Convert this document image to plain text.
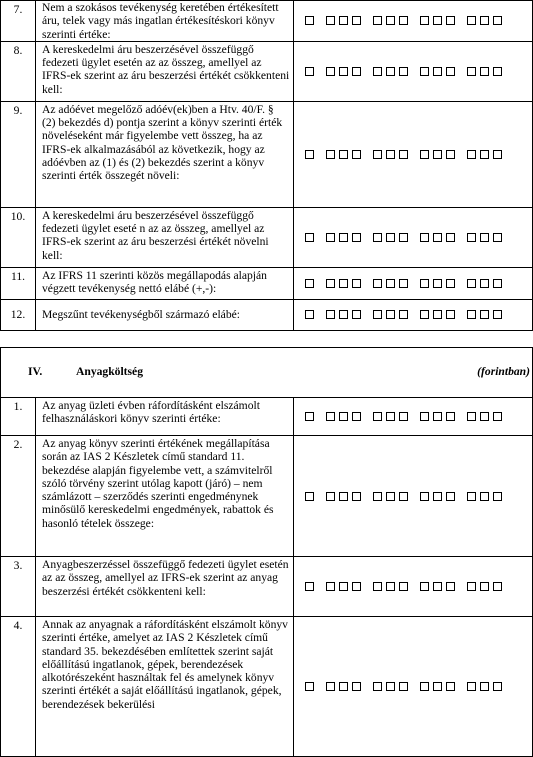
7.	Nem a szokásos tevékenység keretében értékesített áru, telek vagy más ingatlan értékesítéskori könyv szerinti értéke:	

8.	A kereskedelmi áru beszerzésével összefüggő fedezeti ügylet esetén az az összeg, amellyel az IFRS-ek szerint az áru beszerzési értékét csökkenteni kell:	

9.	Az adóévet megelőző adóév(ek)ben a Htv. 40/F. § (2) bekezdés d) pontja szerint a könyv szerinti érték növeléseként már figyelembe vett összeg, ha az IFRS-ek alkalmazásából az következik, hogy az adóévben az (1) és (2) bekezdés szerint a könyv szerinti érték összegét növeli:	

10.	A kereskedelmi áru beszerzésével összefüggő fedezeti ügylet eseté n az az összeg, amellyel az IFRS-ek szerint az áru beszerzési értékét növelni kell:	

11.	Az IFRS 11 szerinti közös megállapodás alapján végzett tevékenység nettó elábé (+,-):	

12.	Megszűnt tevékenységből származó elábé:	
IV.	Anyagköltség	(forintban)
1.	Az anyag üzleti évben ráfordításként elszámolt felhasználáskori könyv szerinti értéke:	

2.	Az anyag könyv szerinti értékének megállapítása során az IAS 2 Készletek című standard 11. bekezdése alapján figyelembe vett, a számvitelről szóló törvény szerint utólag kapott (járó) – nem számlázott – szerződés szerinti engedménynek minősülő kereskedelmi engedmények, rabattok és hasonló tételek összege:	

3.	Anyagbeszerzéssel összefüggő fedezeti ügylet esetén az az összeg, amellyel az IFRS-ek szerint az anyag beszerzési értékét csökkenteni kell:	

4.	Annak az anyagnak a ráfordításként elszámolt könyv szerinti értéke, amelyet az IAS 2 Készletek című standard 35. bekezdésében említettek szerint saját előállítású ingatlanok, gépek, berendezések alkotórészeként használtak fel és amelynek könyv szerinti értékét a saját előállítású ingatlanok, gépek, berendezések bekerülési	
